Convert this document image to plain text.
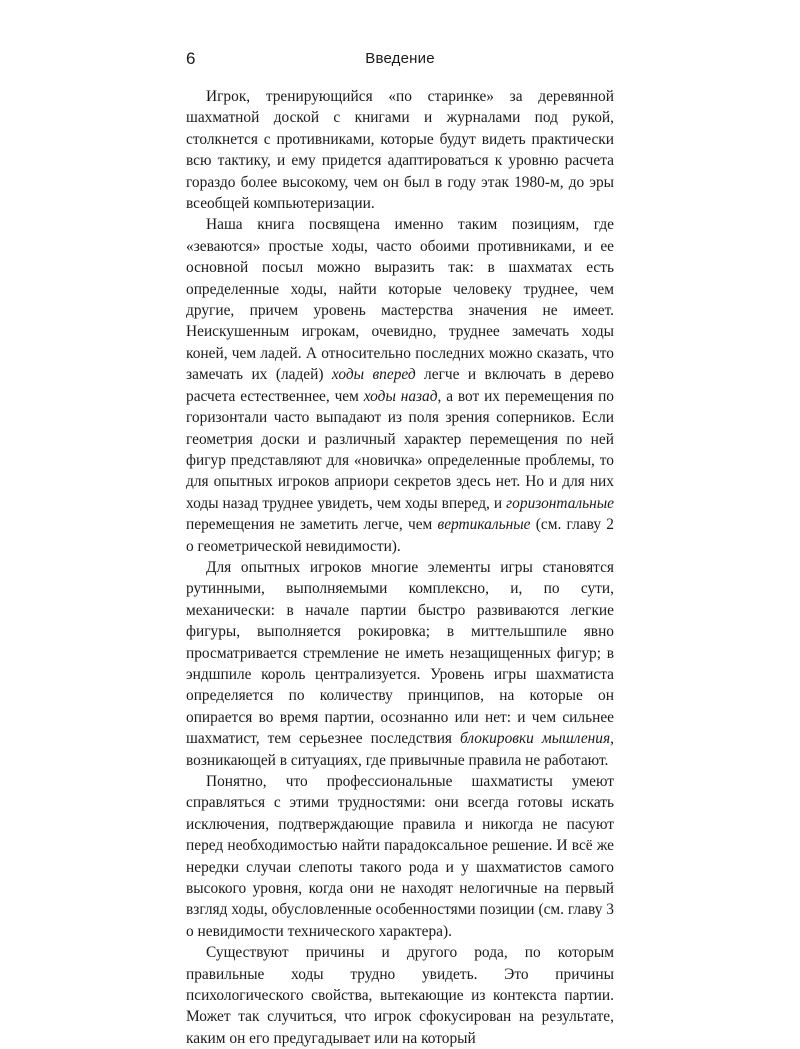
6	Введение

Игрок, тренирующийся «по старинке» за деревянной шахматной доской с книгами и журналами под рукой, столкнется с противниками, которые будут видеть практически всю тактику, и ему придется адаптироваться к уровню расчета гораздо более высокому, чем он был в году этак 1980-м, до эры всеобщей компьютеризации.

Наша книга посвящена именно таким позициям, где «зеваются» простые ходы, часто обоими противниками, и ее основной посыл можно выразить так: в шахматах есть определенные ходы, найти которые человеку труднее, чем другие, причем уровень мастерства значения не имеет. Неискушенным игрокам, очевидно, труднее замечать ходы коней, чем ладей. А относительно последних можно сказать, что замечать их (ладей) ходы вперед легче и включать в дерево расчета естественнее, чем ходы назад, а вот их перемещения по горизонтали часто выпадают из поля зрения соперников. Если геометрия доски и различный характер перемещения по ней фигур представляют для «новичка» определенные проблемы, то для опытных игроков априори секретов здесь нет. Но и для них ходы назад труднее увидеть, чем ходы вперед, и горизонтальные перемещения не заметить легче, чем вертикальные (см. главу 2 о геометрической невидимости).

Для опытных игроков многие элементы игры становятся рутинными, выполняемыми комплексно, и, по сути, механически: в начале партии быстро развиваются легкие фигуры, выполняется рокировка; в миттельшпиле явно просматривается стремление не иметь незащищенных фигур; в эндшпиле король централизуется. Уровень игры шахматиста определяется по количеству принципов, на которые он опирается во время партии, осознанно или нет: и чем сильнее шахматист, тем серьезнее последствия блокировки мышления, возникающей в ситуациях, где привычные правила не работают.

Понятно, что профессиональные шахматисты умеют справляться с этими трудностями: они всегда готовы искать исключения, подтверждающие правила и никогда не пасуют перед необходимостью найти парадоксальное решение. И всё же нередки случаи слепоты такого рода и у шахматистов самого высокого уровня, когда они не находят нелогичные на первый взгляд ходы, обусловленные особенностями позиции (см. главу 3 о невидимости технического характера).

Существуют причины и другого рода, по которым правильные ходы трудно увидеть. Это причины психологического свойства, вытекающие из контекста партии. Может так случиться, что игрок сфокусирован на результате, каким он его предугадывает или на который
